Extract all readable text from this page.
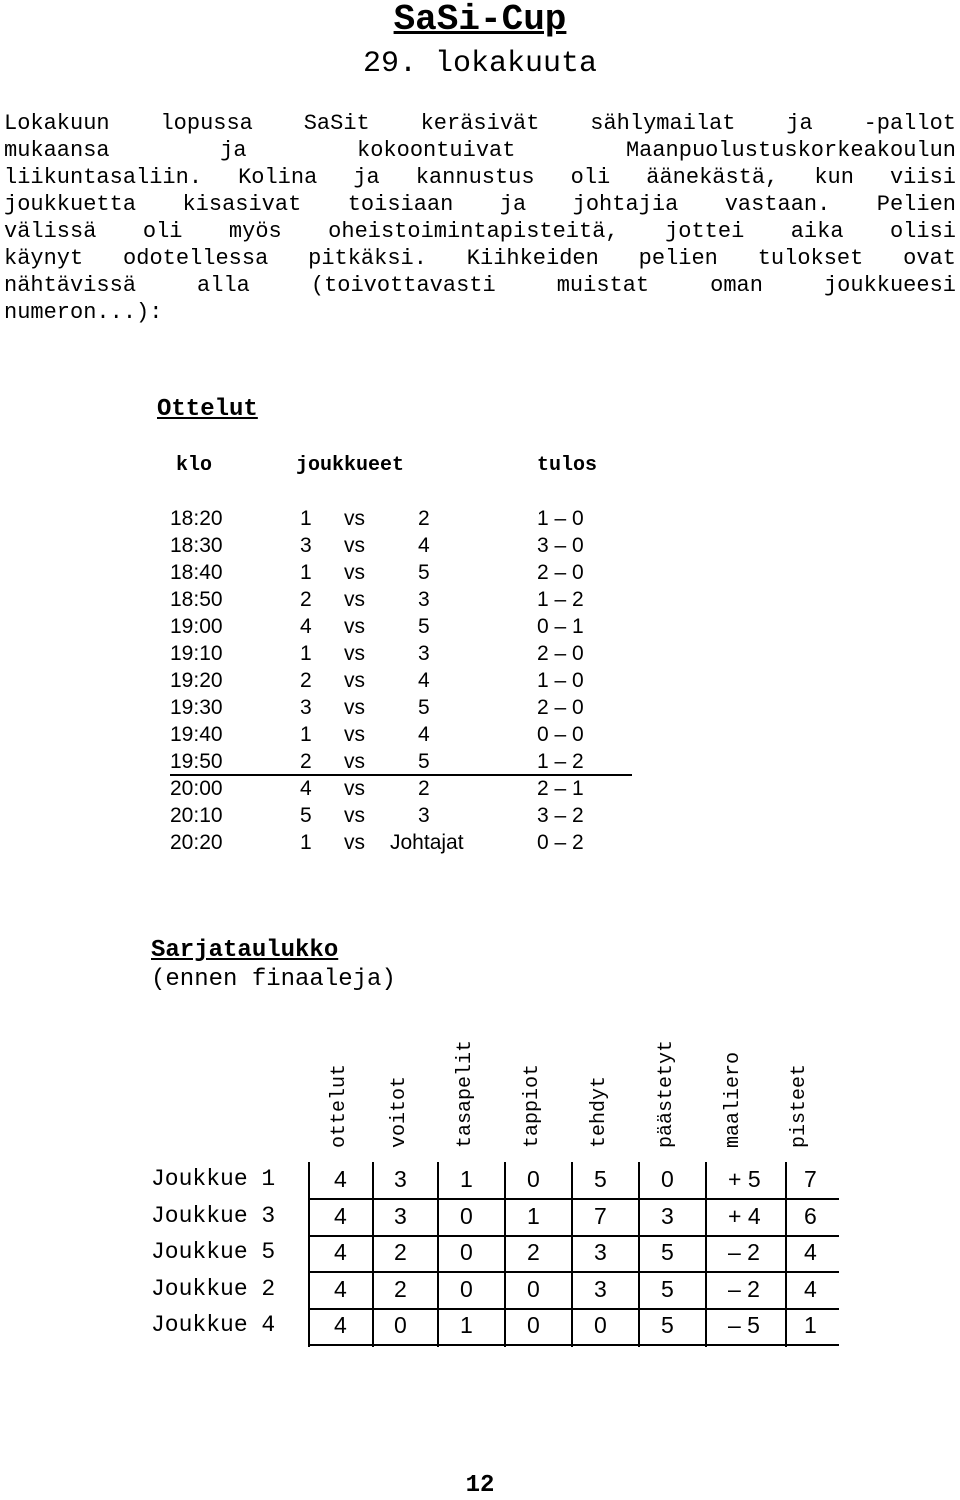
SaSi-Cup
29. lokakuuta
Lokakuun lopussa SaSit keräsivät sählymailat ja -pallot
mukaansa ja kokoontuivat Maanpuolustuskorkeakoulun
liikuntasaliin. Kolina ja kannustus oli äänekästä, kun viisi
joukkuetta kisasivat toisiaan ja johtajia vastaan. Pelien
välissä oli myös oheistoimintapisteitä, jottei aika olisi
käynyt odotellessa pitkäksi. Kiihkeiden pelien tulokset ovat
nähtävissä alla (toivottavasti muistat oman joukkueesi
numeron...):
Ottelut
klo	joukkueet	tulos
18:20	1 vs	2	1 – 0
18:30	3 vs	4	3 – 0
18:40	1 vs	5	2 – 0
18:50	2 vs	3	1 – 2
19:00	4 vs	5	0 – 1
19:10	1 vs	3	2 – 0
19:20	2 vs	4	1 – 0
19:30	3 vs	5	2 – 0
19:40	1 vs	4	0 – 0
19:50	2 vs	5	1 – 2
20:00	4 vs	2	2 – 1
20:10	5 vs	3	3 – 2
20:20	1 vs Johtajat	0 – 2
Sarjataulukko
(ennen finaaleja)
ottelut voitot tasapelit tappiot tehdyt päästetyt maaliero pisteet
Joukkue 1	4 3 1 0 5 0 + 5 7
Joukkue 3	4 3 0 1 7 3 + 4 6
Joukkue 5	4 2 0 2 3 5 – 2 4
Joukkue 2	4 2 0 0 3 5 – 2 4
Joukkue 4	4 0 1 0 0 5 – 5 1
12
